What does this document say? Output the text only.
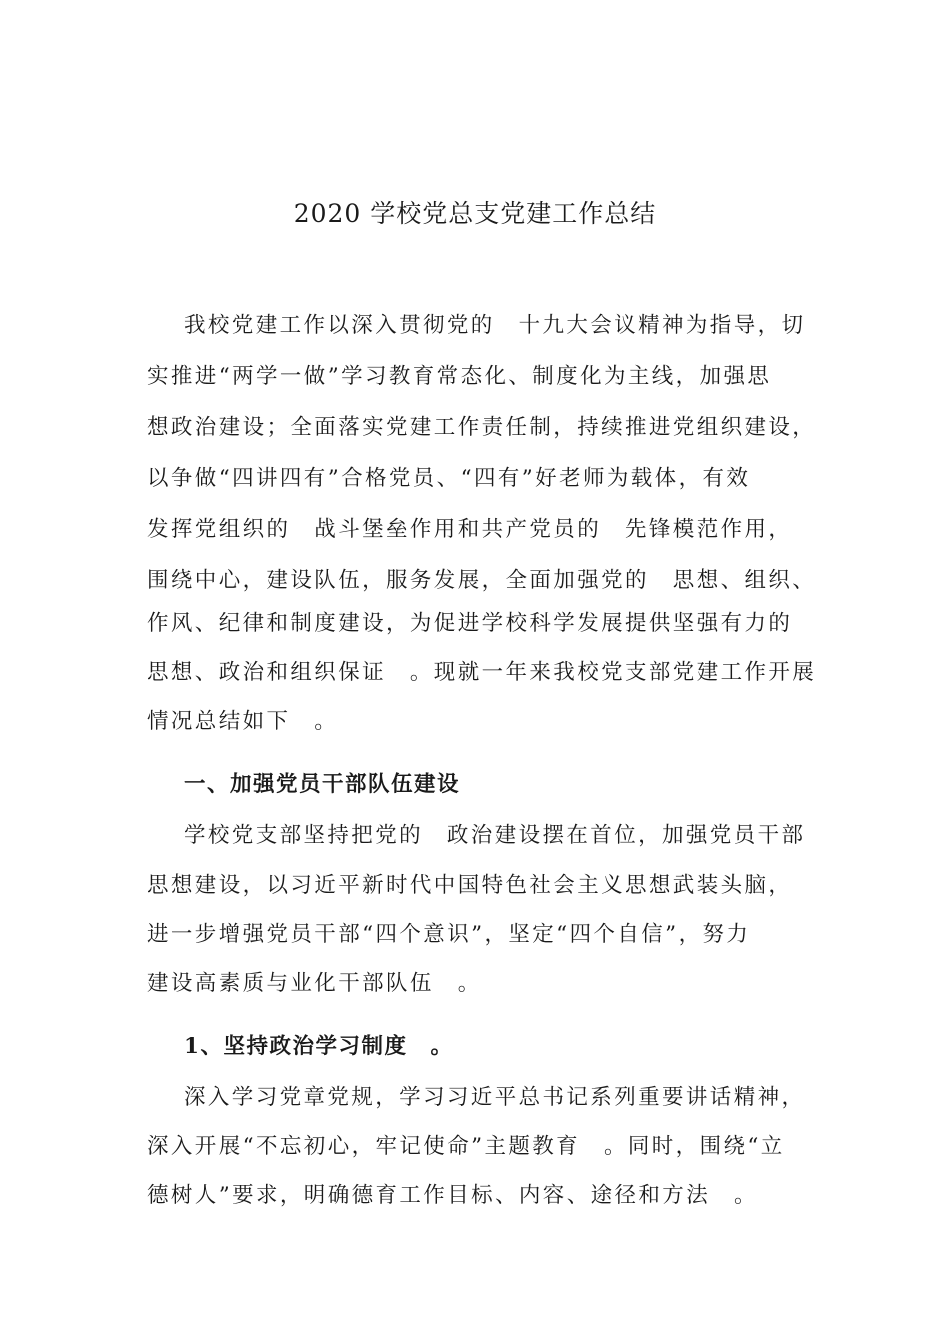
2020 学校党总支党建工作总结
我校党建工作以深入贯彻党的　十九大会议精神为指导，切
实推进“两学一做”学习教育常态化、制度化为主线，加强思
想政治建设；全面落实党建工作责任制，持续推进党组织建设，
以争做“四讲四有”合格党员、“四有”好老师为载体，有效
发挥党组织的　战斗堡垒作用和共产党员的　先锋模范作用，
围绕中心，建设队伍，服务发展，全面加强党的　思想、组织、
作风、纪律和制度建设，为促进学校科学发展提供坚强有力的
思想、政治和组织保证　。现就一年来我校党支部党建工作开展
情况总结如下　。
一、加强党员干部队伍建设
学校党支部坚持把党的　政治建设摆在首位，加强党员干部
思想建设，以习近平新时代中国特色社会主义思想武装头脑，
进一步增强党员干部“四个意识”，坚定“四个自信”，努力
建设高素质与业化干部队伍　。
1、坚持政治学习制度　。
深入学习党章党规，学习习近平总书记系列重要讲话精神，
深入开展“不忘初心，牢记使命”主题教育　。同时，围绕“立
德树人”要求，明确德育工作目标、内容、途径和方法　。
